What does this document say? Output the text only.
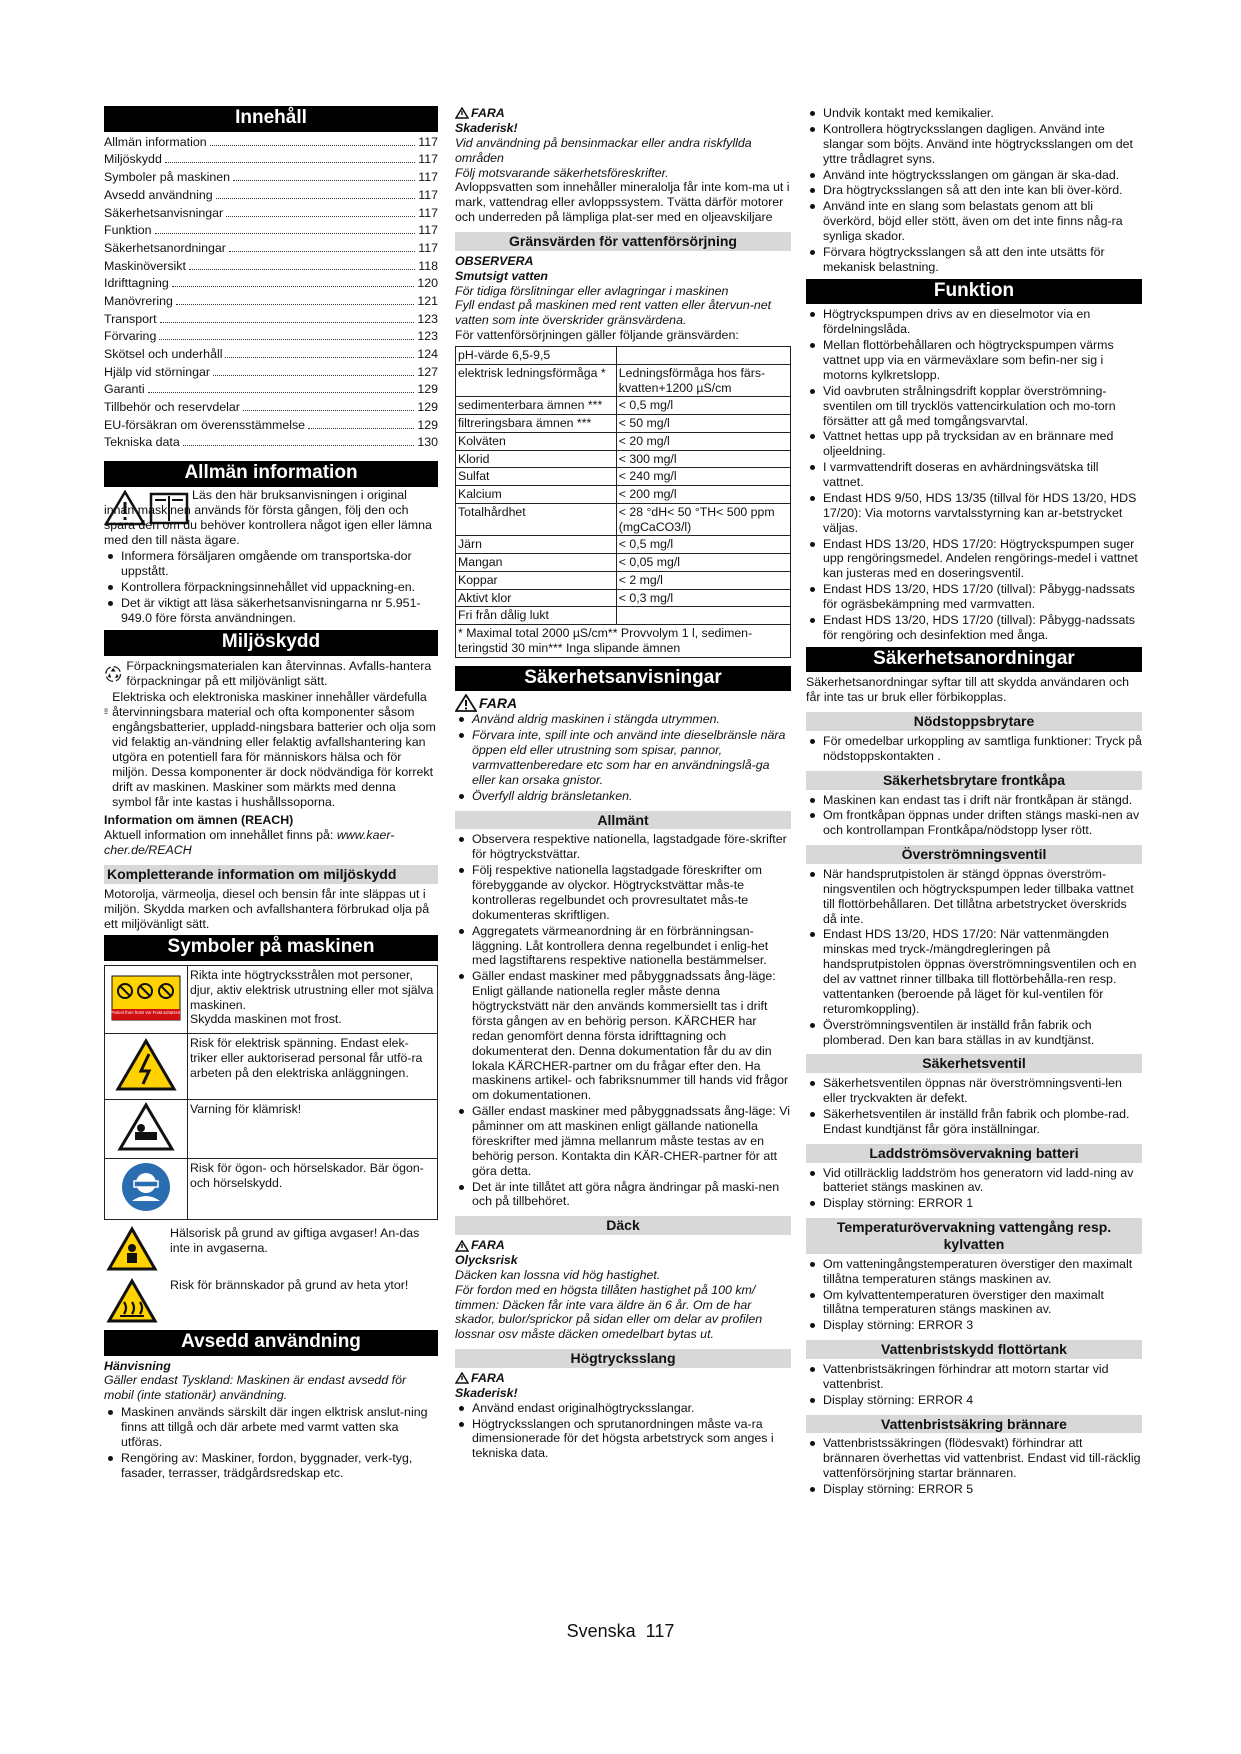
Innehåll
Allmän information	117
Miljöskydd	117
Symboler på maskinen	117
Avsedd användning	117
Säkerhetsanvisningar	117
Funktion	117
Säkerhetsanordningar	117
Maskinöversikt	118
Idrifttagning	120
Manövrering	121
Transport	123
Förvaring	123
Skötsel och underhåll	124
Hjälp vid störningar	127
Garanti	129
Tillbehör och reservdelar	129
EU-försäkran om överensstämmelse	129
Tekniska data	130
Allmän information

Läs den här bruksanvisningen i original innan maskinen används för första gången, följ den och spara den om du behöver kontrollera något igen eller lämna med den till nästa ägare.

Informera försäljaren omgående om transportska-dor uppstått.
Kontrollera förpackningsinnehållet vid uppackning-en.
Det är viktigt att läsa säkerhetsanvisningarna nr 5.951-949.0 före första användningen.
Miljöskydd

Förpackningsmaterialen kan återvinnas. Avfalls-hantera förpackningar på ett miljövänligt sätt.

Elektriska och elektroniska maskiner innehåller värdefulla återvinningsbara material och ofta komponenter såsom engångsbatterier, uppladd-ningsbara batterier och olja som vid felaktig an-vändning eller felaktig avfallshantering kan utgöra en potentiell fara för människors hälsa och för miljön. Dessa komponenter är dock nödvändiga för korrekt drift av maskinen. Maskiner som märkts med denna symbol får inte kastas i hushållssoporna.

Information om ämnen (REACH)

Aktuell information om innehållet finns på: www.kaer-cher.de/REACH

Kompletterande information om miljöskydd

Motorolja, värmeolja, diesel och bensin får inte släppas ut i miljön. Skydda marken och avfallshantera förbrukad olja på ett miljövänligt sätt.

Symboler på maskinen
Protect from frost! Vor Frost schützen!	Rikta inte högtrycksstrålen mot personer, djur, aktiv elektrisk utrustning eller mot själva maskinen.
Skydda maskinen mot frost.
	Risk för elektrisk spänning. Endast elek-triker eller auktoriserad personal får utfö-ra arbeten på den elektriska anläggningen.
	Varning för klämrisk!
	Risk för ögon- och hörselskador. Bär ögon- och hörselskydd.

Hälsorisk på grund av giftiga avgaser! An-das inte in avgaserna.

Risk för brännskador på grund av heta ytor!

Avsedd användning

Hänvisning

Gäller endast Tyskland: Maskinen är endast avsedd för mobil (inte stationär) användning.

Maskinen används särskilt där ingen elktrisk anslut-ning finns att tillgå och där arbete med varmt vatten ska utföras.
Rengöring av: Maskiner, fordon, byggnader, verk-tyg, fasader, terrasser, trädgårdsredskap etc.
FARA

Skaderisk!

Vid användning på bensinmackar eller andra riskfyllda områden

Följ motsvarande säkerhetsföreskrifter.

Avloppsvatten som innehåller mineralolja får inte kom-ma ut i mark, vattendrag eller avloppssystem. Tvätta därför motorer och underreden på lämpliga plat-ser med en oljeavskiljare

Gränsvärden för vattenförsörjning

OBSERVERA

Smutsigt vatten

För tidiga förslitningar eller avlagringar i maskinen

Fyll endast på maskinen med rent vatten eller återvun-net vatten som inte överskrider gränsvärdena.

För vattenförsörjningen gäller följande gränsvärden:

pH-värde 6,5-9,5	
elektrisk ledningsförmåga *	Ledningsförmåga hos färs-kvatten+1200 µS/cm
sedimenterbara ämnen ***	< 0,5 mg/l
filtreringsbara ämnen ***	< 50 mg/l
Kolväten	< 20 mg/l
Klorid	< 300 mg/l
Sulfat	< 240 mg/l
Kalcium	< 200 mg/l
Totalhårdhet	< 28 °dH< 50 °TH< 500 ppm (mgCaCO3/l)
Järn	< 0,5 mg/l
Mangan	< 0,05 mg/l
Koppar	< 2 mg/l
Aktivt klor	< 0,3 mg/l
Fri från dålig lukt	
* Maximal total 2000 µS/cm** Provvolym 1 l, sedimen-teringstid 30 min*** Inga slipande ämnen	
Säkerhetsanvisningar
FARA
Använd aldrig maskinen i stängda utrymmen.
Förvara inte, spill inte och använd inte dieselbränsle nära öppen eld eller utrustning som spisar, pannor, varmvattenberedare etc som har en användningslå-ga eller kan orsaka gnistor.
Överfyll aldrig bränsletanken.
Allmänt
Observera respektive nationella, lagstadgade före-skrifter för högtryckstvättar.
Följ respektive nationella lagstadgade föreskrifter om förebyggande av olyckor. Högtryckstvättar mås-te kontrolleras regelbundet och provresultatet mås-te dokumenteras skriftligen.
Aggregatets värmeanordning är en förbränningsan-läggning. Låt kontrollera denna regelbundet i enlig-het med lagstiftarens respektive nationella bestämmelser.
Gäller endast maskiner med påbyggnadssats ång-läge: Enligt gällande nationella regler måste denna högtryckstvätt när den används kommersiellt tas i drift första gången av en behörig person. KÄRCHER har redan genomfört denna första idrifttagning och dokumenterat den. Denna dokumentation får du av din lokala KÄRCHER-partner om du frågar efter den. Ha maskinens artikel- och fabriksnummer till hands vid frågor om dokumentationen.
Gäller endast maskiner med påbyggnadssats ång-läge: Vi påminner om att maskinen enligt gällande nationella föreskrifter med jämna mellanrum måste testas av en behörig person. Kontakta din KÄR-CHER-partner för att göra detta.
Det är inte tillåtet att göra några ändringar på maski-nen och på tillbehöret.
Däck
FARA

Olycksrisk

Däcken kan lossna vid hög hastighet.

För fordon med en högsta tillåten hastighet på 100 km/ timmen: Däcken får inte vara äldre än 6 år. Om de har skador, bulor/sprickor på sidan eller om delar av profilen lossnar osv måste däcken omedelbart bytas ut.

Högtrycksslang
FARA

Skaderisk!

Använd endast originalhögtrycksslangar.
Högtrycksslangen och sprutanordningen måste va-ra dimensionerade för det högsta arbetstryck som anges i tekniska data.
Undvik kontakt med kemikalier.
Kontrollera högtrycksslangen dagligen. Använd inte slangar som böjts. Använd inte högtrycksslangen om det yttre trådlagret syns.
Använd inte högtrycksslangen om gängan är ska-dad.
Dra högtrycksslangen så att den inte kan bli över-körd.
Använd inte en slang som belastats genom att bli överkörd, böjd eller stött, även om det inte finns någ-ra synliga skador.
Förvara högtrycksslangen så att den inte utsätts för mekanisk belastning.
Funktion
Högtryckspumpen drivs av en dieselmotor via en fördelningslåda.
Mellan flottörbehållaren och högtryckspumpen värms vattnet upp via en värmeväxlare som befin-ner sig i motorns kylkretslopp.
Vid oavbruten strålningsdrift kopplar överströmning-sventilen om till trycklös vattencirkulation och mo-torn försätter att gå med tomgångsvarvtal.
Vattnet hettas upp på trycksidan av en brännare med oljeeldning.
I varmvattendrift doseras en avhärdningsvätska till vattnet.
Endast HDS 9/50, HDS 13/35 (tillval för HDS 13/20, HDS 17/20): Via motorns varvtalsstyrning kan ar-betstrycket väljas.
Endast HDS 13/20, HDS 17/20: Högtryckspumpen suger upp rengöringsmedel. Andelen rengörings-medel i vattnet kan justeras med en doseringsventil.
Endast HDS 13/20, HDS 17/20 (tillval): Påbygg-nadssats för ogräsbekämpning med varmvatten.
Endast HDS 13/20, HDS 17/20 (tillval): Påbygg-nadssats för rengöring och desinfektion med ånga.
Säkerhetsanordningar

Säkerhetsanordningar syftar till att skydda användaren och får inte tas ur bruk eller förbikopplas.

Nödstoppsbrytare
För omedelbar urkoppling av samtliga funktioner: Tryck på nödstoppskontakten .
Säkerhetsbrytare frontkåpa
Maskinen kan endast tas i drift när frontkåpan är stängd.
Om frontkåpan öppnas under driften stängs maski-nen av och kontrollampan Frontkåpa/nödstopp lyser rött.
Överströmningsventil
När handsprutpistolen är stängd öppnas överström-ningsventilen och högtryckspumpen leder tillbaka vattnet till flottörbehållaren. Det tillåtna arbetstrycket överskrids då inte.
Endast HDS 13/20, HDS 17/20: När vattenmängden minskas med tryck-/mängdregleringen på handsprutpistolen öppnas överströmningsventilen och en del av vattnet rinner tillbaka till flottörbehålla-ren resp. vattentanken (beroende på läget för kul-ventilen för returomkoppling).
Överströmningsventilen är inställd från fabrik och plomberad. Den kan bara ställas in av kundtjänst.
Säkerhetsventil
Säkerhetsventilen öppnas när överströmningsventi-len eller tryckvakten är defekt.
Säkerhetsventilen är inställd från fabrik och plombe-rad. Endast kundtjänst får göra inställningar.
Laddströmsövervakning batteri
Vid otillräcklig laddström hos generatorn vid ladd-ning av batteriet stängs maskinen av.
Display störning: ERROR 1
Temperaturövervakning vattengång resp. kylvatten
Om vatteningångstemperaturen överstiger den maximalt tillåtna temperaturen stängs maskinen av.
Om kylvattentemperaturen överstiger den maximalt tillåtna temperaturen stängs maskinen av.
Display störning: ERROR 3
Vattenbristskydd flottörtank
Vattenbristsäkringen förhindrar att motorn startar vid vattenbrist.
Display störning: ERROR 4
Vattenbristsäkring brännare
Vattenbristssäkringen (flödesvakt) förhindrar att brännaren överhettas vid vattenbrist. Endast vid till-räcklig vattenförsörjning startar brännaren.
Display störning: ERROR 5
Svenska 117
